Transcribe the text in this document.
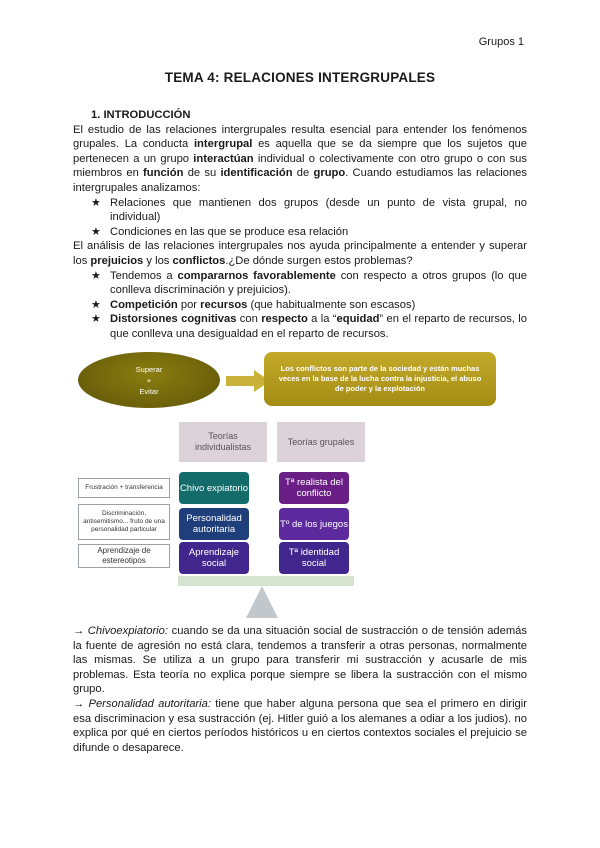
Grupos 1
TEMA 4: RELACIONES INTERGRUPALES
1. INTRODUCCIÓN
El estudio de las relaciones intergrupales resulta esencial para entender los fenómenos grupales. La conducta intergrupal es aquella que se da siempre que los sujetos que pertenecen a un grupo interactúan individual o colectivamente con otro grupo o con sus miembros en función de su identificación de grupo. Cuando estudiamos las relaciones intergrupales analizamos:
★ Relaciones que mantienen dos grupos (desde un punto de vista grupal, no individual)
★ Condiciones en las que se produce esa relación
El análisis de las relaciones intergrupales nos ayuda principalmente a entender y superar los prejuicios y los conflictos.¿De dónde surgen estos problemas?
★ Tendemos a compararnos favorablemente con respecto a otros grupos (lo que conlleva discriminación y prejuicios).
★ Competición por recursos (que habitualmente son escasos)
★ Distorsiones cognitivas con respecto a la “equidad” en el reparto de recursos, lo que conlleva una desigualdad en el reparto de recursos.
Superar
+
Evitar
Los conflictos son parte de la sociedad y están muchas veces en la base de la lucha contra la injusticia, el abuso de poder y la explotación
Teorías individualistas
Teorías grupales
Chivo expiatorio
Personalidad autoritaria
Aprendizaje social
Tª realista del conflicto
Tº de los juegos
Tª identidad social
Frustración + transferencia
Discriminación, antisemitismo... fruto de una personalidad particular
Aprendizaje de estereotipos
→ Chivoexpiatorio: cuando se da una situación social de sustracción o de tensión además la fuente de agresión no está clara, tendemos a transferir a otras personas, normalmente las mismas. Se utiliza a un grupo para transferir mi sustracción y acusarle de mis problemas. Esta teoría no explica porque siempre se libera la sustracción con el mismo grupo.
→ Personalidad autoritaria: tiene que haber alguna persona que sea el primero en dirigir esa discriminacion y esa sustracción (ej. Hitler guió a los alemanes a odiar a los judios). no explica por qué en ciertos períodos históricos u en ciertos contextos sociales el prejuicio se difunde o desaparece.
